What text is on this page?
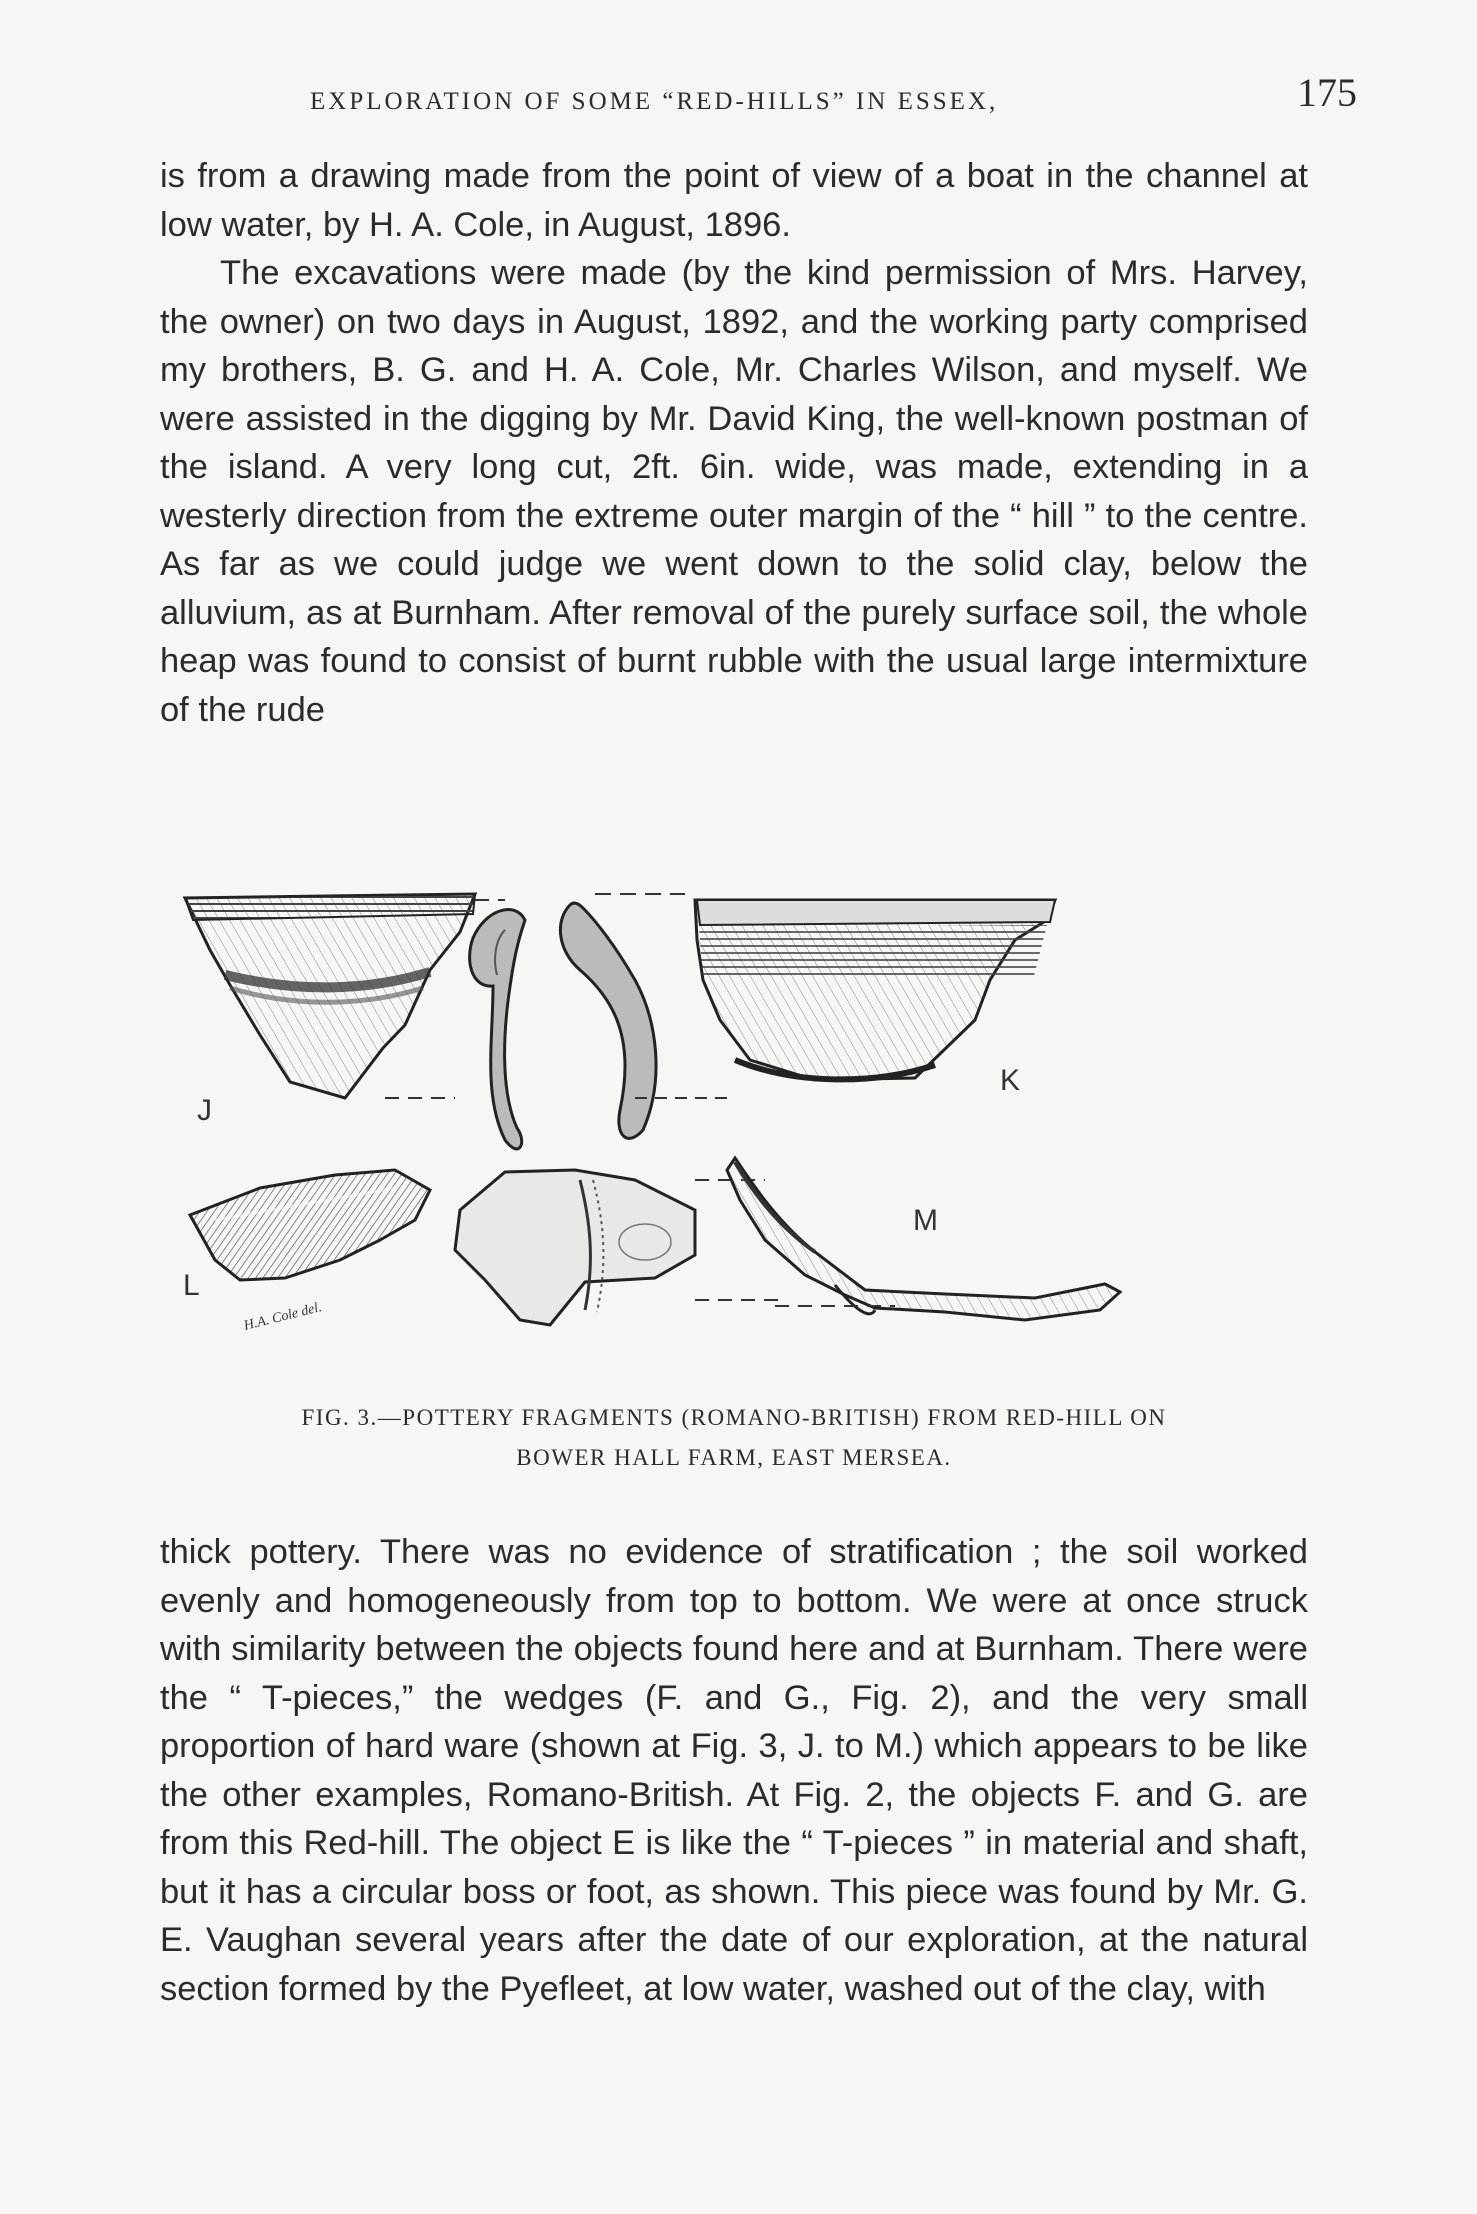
EXPLORATION OF SOME “RED-HILLS” IN ESSEX,	175

is from a drawing made from the point of view of a boat in the channel at low water, by H. A. Cole, in August, 1896.

The excavations were made (by the kind permission of Mrs. Harvey, the owner) on two days in August, 1892, and the working party comprised my brothers, B. G. and H. A. Cole, Mr. Charles Wilson, and myself. We were assisted in the digging by Mr. David King, the well-known postman of the island. A very long cut, 2ft. 6in. wide, was made, extending in a westerly direction from the extreme outer margin of the “ hill ” to the centre. As far as we could judge we went down to the solid clay, below the alluvium, as at Burnham. After removal of the purely surface soil, the whole heap was found to consist of burnt rubble with the usual large intermixture of the rude

J
K
L
H.A. Cole del.
M
FIG. 3.—POTTERY FRAGMENTS (ROMANO-BRITISH) FROM RED-HILL ON
BOWER HALL FARM, EAST MERSEA.

thick pottery. There was no evidence of stratification ; the soil worked evenly and homogeneously from top to bottom. We were at once struck with similarity between the objects found here and at Burnham. There were the “ T-pieces,” the wedges (F. and G., Fig. 2), and the very small proportion of hard ware (shown at Fig. 3, J. to M.) which appears to be like the other examples, Romano-British. At Fig. 2, the objects F. and G. are from this Red-hill. The object E is like the “ T-pieces ” in material and shaft, but it has a circular boss or foot, as shown. This piece was found by Mr. G. E. Vaughan several years after the date of our exploration, at the natural section formed by the Pyefleet, at low water, washed out of the clay, with
